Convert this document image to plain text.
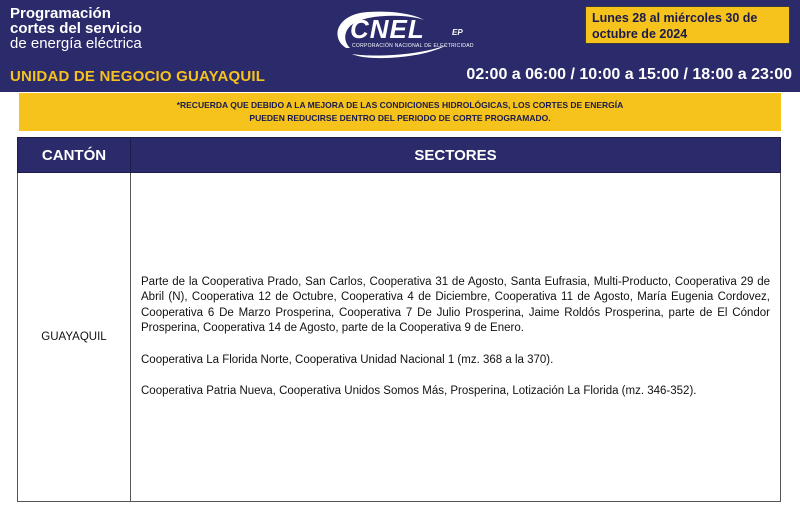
Programación
cortes del servicio
de energía eléctrica
UNIDAD DE NEGOCIO GUAYAQUIL
CNEL	EP
CORPORACIÓN NACIONAL DE ELECTRICIDAD
Lunes 28 al miércoles 30 de octubre de 2024
02:00 a 06:00 / 10:00 a 15:00 / 18:00 a 23:00
*RECUERDA QUE DEBIDO A LA MEJORA DE LAS CONDICIONES HIDROLÓGICAS, LOS CORTES DE ENERGÍA
PUEDEN REDUCIRSE DENTRO DEL PERIODO DE CORTE PROGRAMADO.
CANTÓN	SECTORES
GUAYAQUIL	Parte de la Cooperativa Prado, San Carlos, Cooperativa 31 de Agosto, Santa Eufrasia, Multi-Producto, Cooperativa 29 de Abril (N), Cooperativa 12 de Octubre, Cooperativa 4 de Diciembre, Cooperativa 11 de Agosto, María Eugenia Cordovez, Cooperativa 6 De Marzo Prosperina, Cooperativa 7 De Julio Prosperina, Jaime Roldós Prosperina, parte de El Cóndor Prosperina, Cooperativa 14 de Agosto, parte de la Cooperativa 9 de Enero.

Cooperativa La Florida Norte, Cooperativa Unidad Nacional 1 (mz. 368 a la 370).

Cooperativa Patria Nueva, Cooperativa Unidos Somos Más, Prosperina, Lotización La Florida (mz. 346-352).
